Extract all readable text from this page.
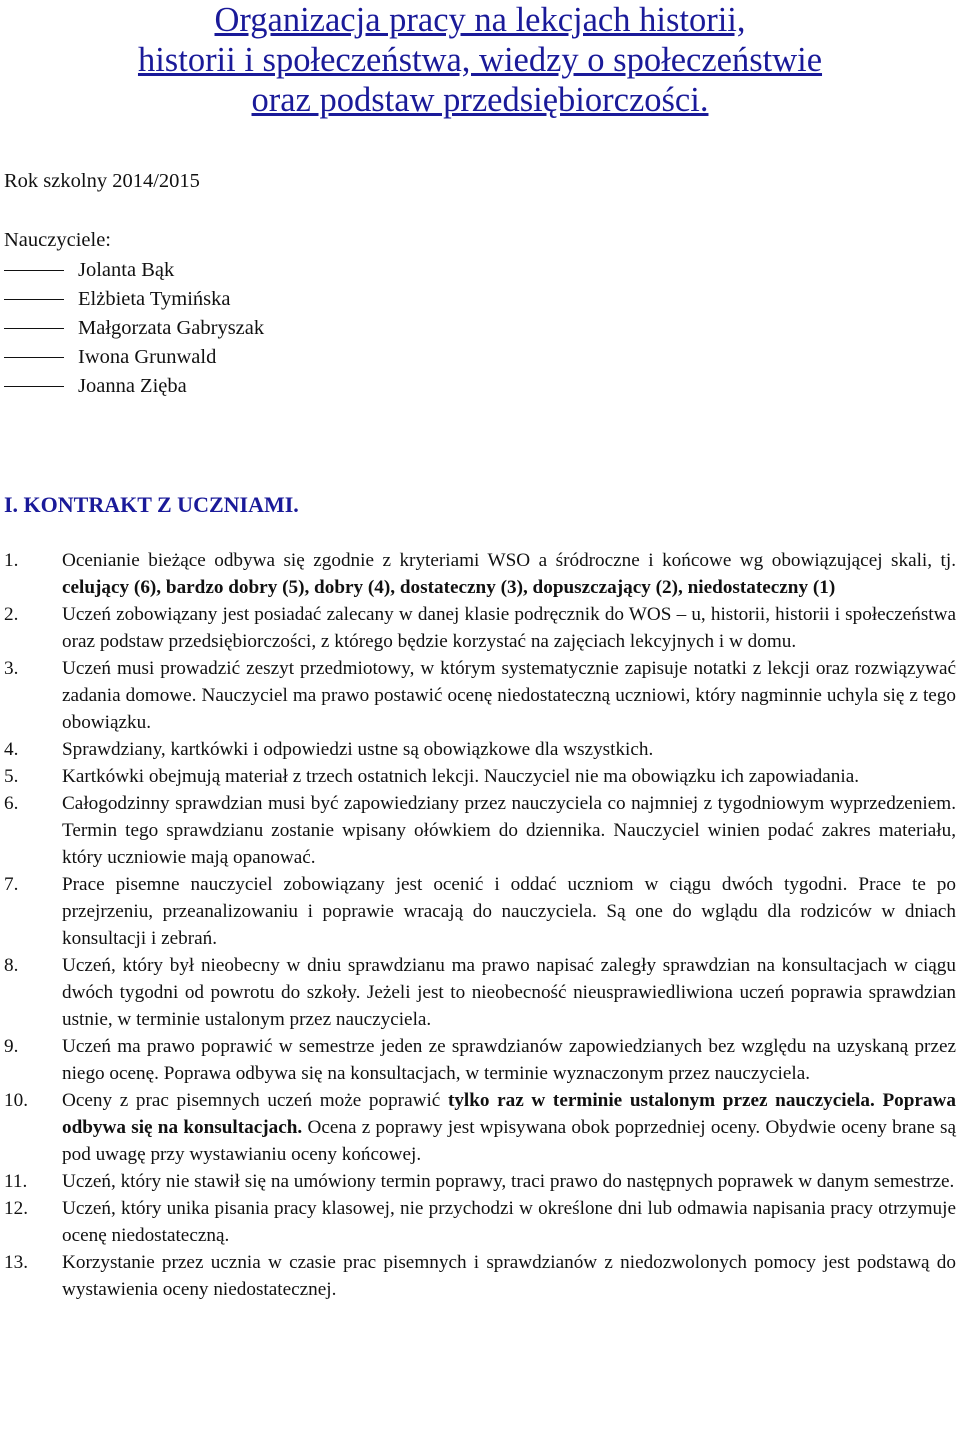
Organizacja pracy na lekcjach historii,
historii i społeczeństwa, wiedzy o społeczeństwie
oraz podstaw przedsiębiorczości.
Rok szkolny 2014/2015
Nauczyciele:
Jolanta Bąk
Elżbieta Tymińska
Małgorzata Gabryszak
Iwona Grunwald
Joanna Zięba
I. KONTRAKT Z UCZNIAMI.
1.	Ocenianie bieżące odbywa się zgodnie z kryteriami WSO a śródroczne i końcowe wg obowiązującej skali, tj. celujący (6), bardzo dobry (5), dobry (4), dostateczny (3), dopuszczający (2), niedostateczny (1)
2.	Uczeń zobowiązany jest posiadać zalecany w danej klasie podręcznik do WOS – u, historii, historii i społeczeństwa oraz podstaw przedsiębiorczości, z którego będzie korzystać na zajęciach lekcyjnych i w domu.
3.	Uczeń musi prowadzić zeszyt przedmiotowy, w którym systematycznie zapisuje notatki z lekcji oraz rozwiązywać zadania domowe. Nauczyciel ma prawo postawić ocenę niedostateczną uczniowi, który nagminnie uchyla się z tego obowiązku.
4.	Sprawdziany, kartkówki i odpowiedzi ustne są obowiązkowe dla wszystkich.
5.	Kartkówki obejmują materiał z trzech ostatnich lekcji. Nauczyciel nie ma obowiązku ich zapowiadania.
6.	Całogodzinny sprawdzian musi być zapowiedziany przez nauczyciela co najmniej z tygodniowym wyprzedzeniem. Termin tego sprawdzianu zostanie wpisany ołówkiem do dziennika. Nauczyciel winien podać zakres materiału, który uczniowie mają opanować.
7.	Prace pisemne nauczyciel zobowiązany jest ocenić i oddać uczniom w ciągu dwóch tygodni. Prace te po przejrzeniu, przeanalizowaniu i poprawie wracają do nauczyciela. Są one do wglądu dla rodziców w dniach konsultacji i zebrań.
8.	Uczeń, który był nieobecny w dniu sprawdzianu ma prawo napisać zaległy sprawdzian na konsultacjach w ciągu dwóch tygodni od powrotu do szkoły. Jeżeli jest to nieobecność nieusprawiedliwiona uczeń poprawia sprawdzian ustnie, w terminie ustalonym przez nauczyciela.
9.	Uczeń ma prawo poprawić w semestrze jeden ze sprawdzianów zapowiedzianych bez względu na uzyskaną przez niego ocenę. Poprawa odbywa się na konsultacjach, w terminie wyznaczonym przez nauczyciela.
10.	Oceny z prac pisemnych uczeń może poprawić tylko raz w terminie ustalonym przez nauczyciela. Poprawa odbywa się na konsultacjach. Ocena z poprawy jest wpisywana obok poprzedniej oceny. Obydwie oceny brane są pod uwagę przy wystawianiu oceny końcowej.
11.	Uczeń, który nie stawił się na umówiony termin poprawy, traci prawo do następnych poprawek w danym semestrze.
12.	Uczeń, który unika pisania pracy klasowej, nie przychodzi w określone dni lub odmawia napisania pracy otrzymuje ocenę niedostateczną.
13.	Korzystanie przez ucznia w czasie prac pisemnych i sprawdzianów z niedozwolonych pomocy jest podstawą do wystawienia oceny niedostatecznej.
